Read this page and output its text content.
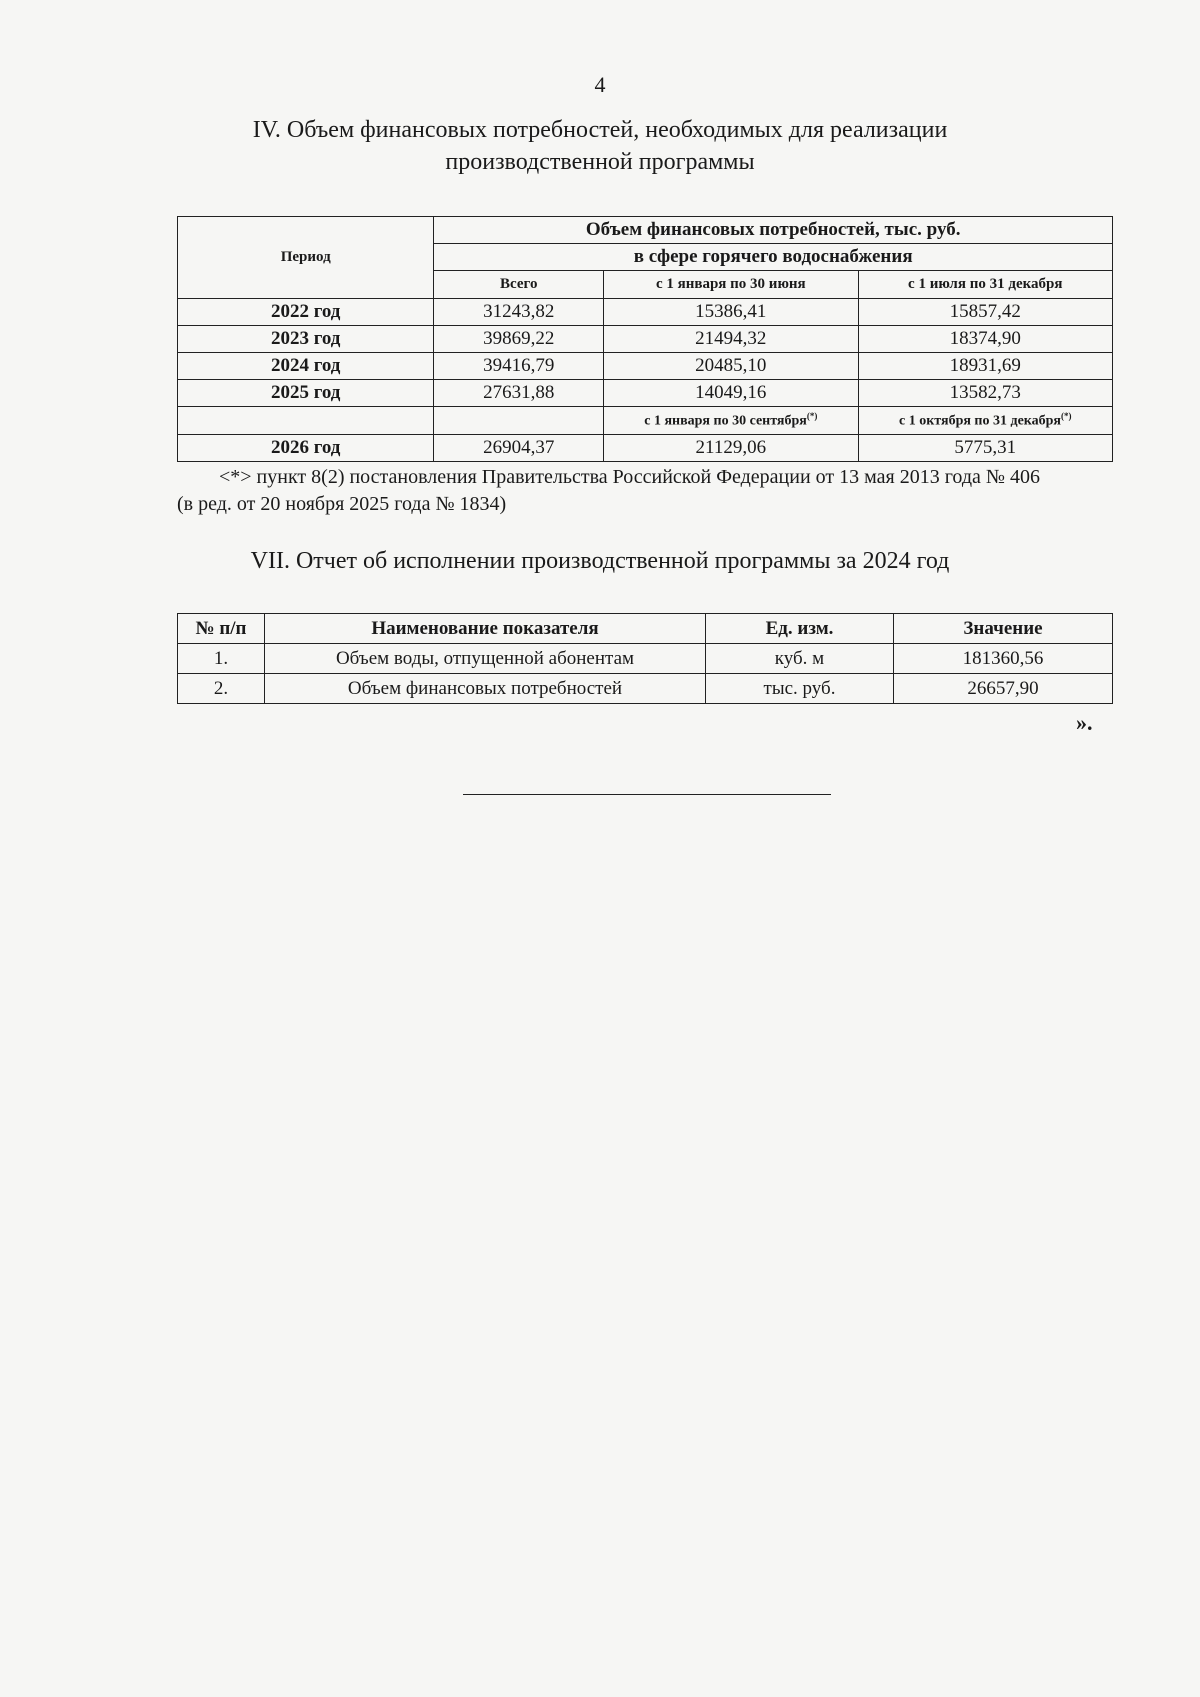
4
IV. Объем финансовых потребностей, необходимых для реализации
производственной программы
Период	Объем финансовых потребностей, тыс. руб.		
	в сфере горячего водоснабжения		
	Всего	с 1 января по 30 июня	с 1 июля по 31 декабря
2022 год	31243,82	15386,41	15857,42
2023 год	39869,22	21494,32	18374,90
2024 год	39416,79	20485,10	18931,69
2025 год	27631,88	14049,16	13582,73
		с 1 января по 30 сентября(*)	с 1 октября по 31 декабря(*)
2026 год	26904,37	21129,06	5775,31
<*> пункт 8(2) постановления Правительства Российской Федерации от 13 мая 2013 года № 406
(в ред. от 20 ноября 2025 года № 1834)
VII. Отчет об исполнении производственной программы за 2024 год
№ п/п	Наименование показателя	Ед. изм.	Значение
1.	Объем воды, отпущенной абонентам	куб. м	181360,56
2.	Объем финансовых потребностей	тыс. руб.	26657,90
».
